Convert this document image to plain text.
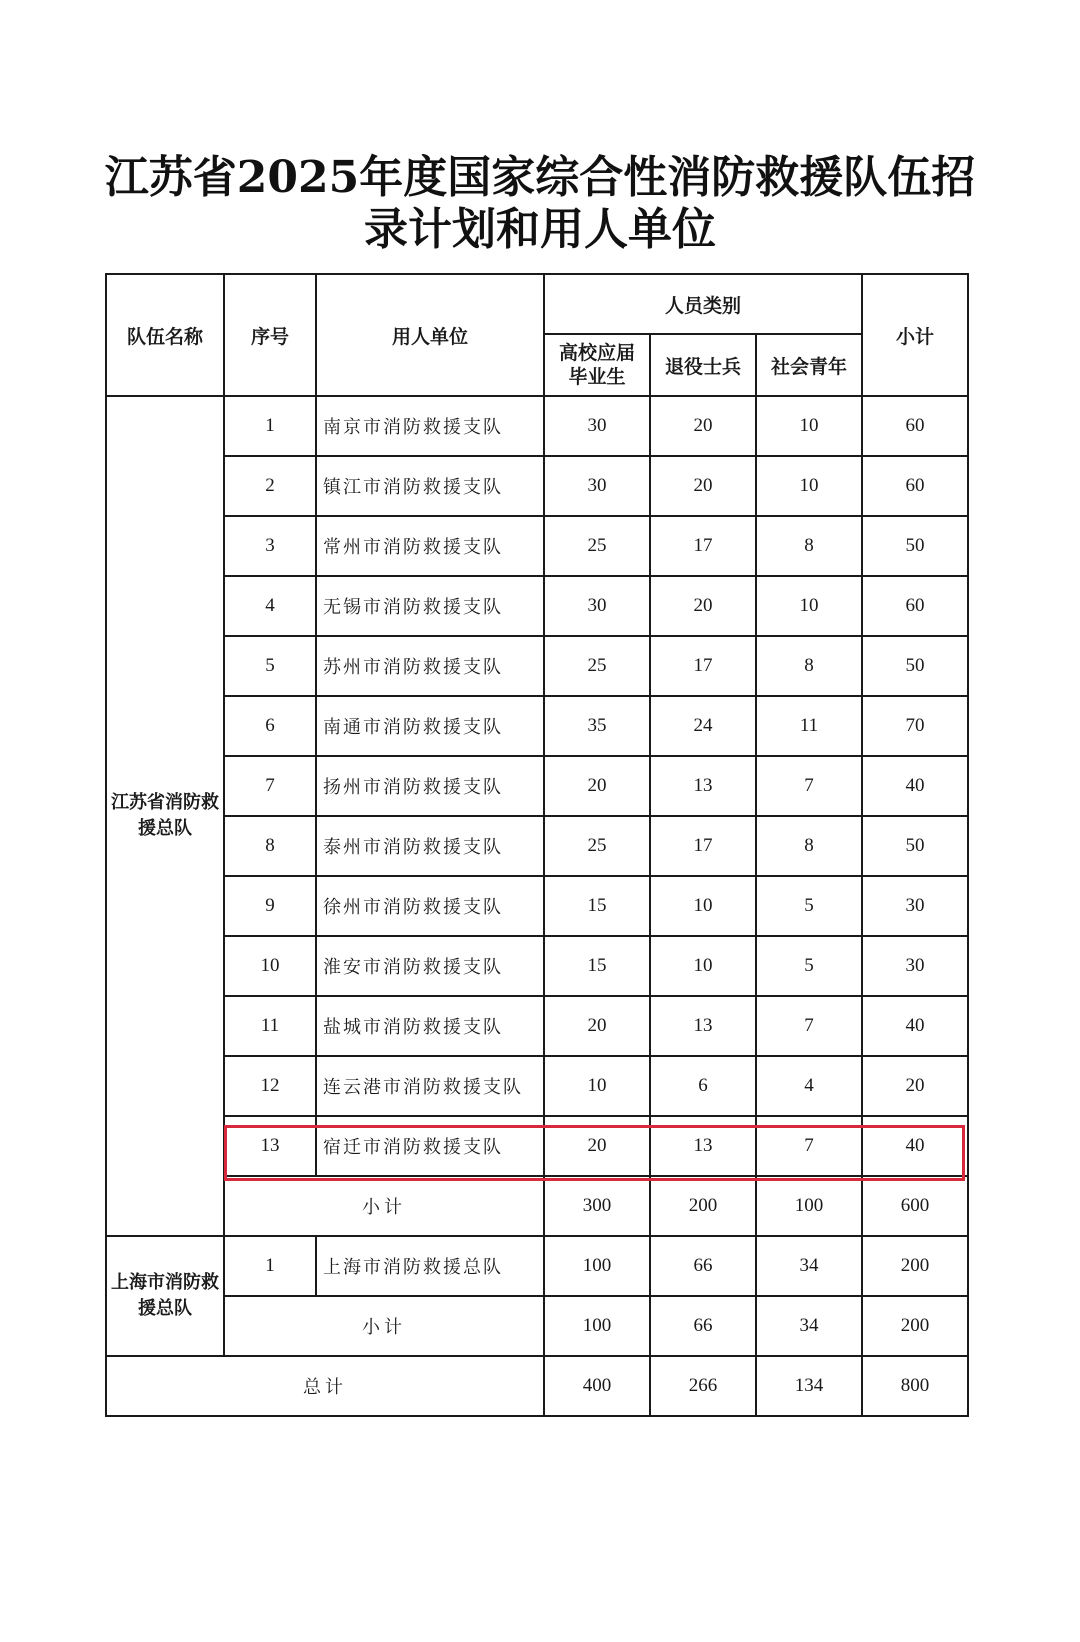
江苏省2025年度国家综合性消防救援队伍招
录计划和用人单位
队伍名称	序号	用人单位	人员类别			小计
			高校应届毕业生	退役士兵	社会青年	
江苏省消防救援总队	1	南京市消防救援支队	30	20	10	60
	2	镇江市消防救援支队	30	20	10	60
	3	常州市消防救援支队	25	17	8	50
	4	无锡市消防救援支队	30	20	10	60
	5	苏州市消防救援支队	25	17	8	50
	6	南通市消防救援支队	35	24	11	70
	7	扬州市消防救援支队	20	13	7	40
	8	泰州市消防救援支队	25	17	8	50
	9	徐州市消防救援支队	15	10	5	30
	10	淮安市消防救援支队	15	10	5	30
	11	盐城市消防救援支队	20	13	7	40
	12	连云港市消防救援支队	10	6	4	20
	13	宿迁市消防救援支队	20	13	7	40
	小计		300	200	100	600
上海市消防救援总队	1	上海市消防救援总队	100	66	34	200
	小计		100	66	34	200
总计			400	266	134	800
